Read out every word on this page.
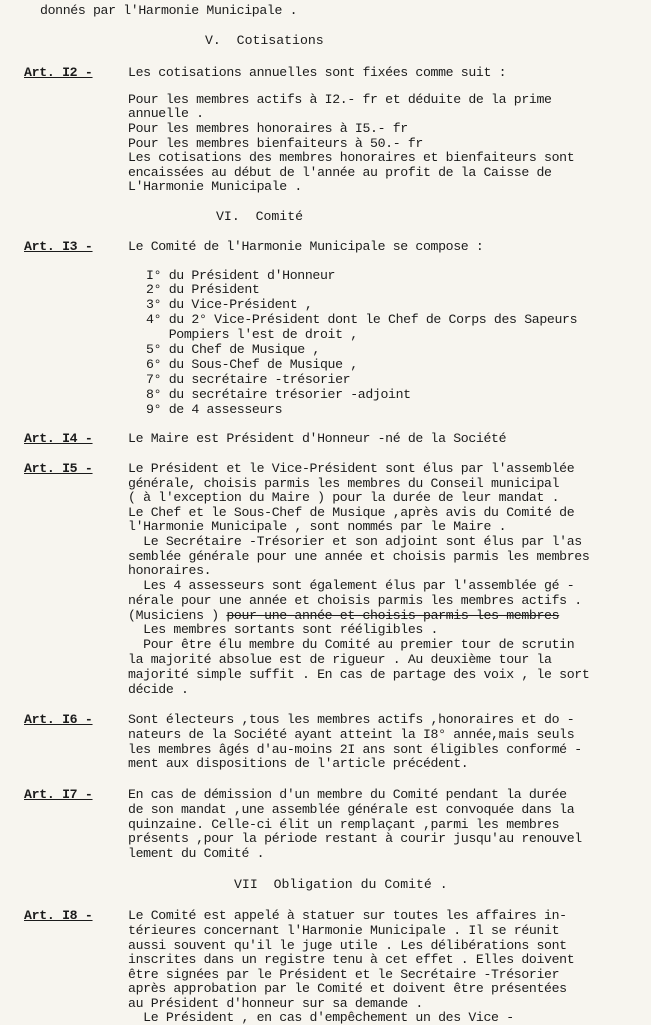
donnés par l'Harmonie Municipale .

V.  Cotisations

Art. I2 -	Les cotisations annuelles sont fixées comme suit :

Pour les membres actifs à I2.- fr et déduite de la prime

annuelle .

Pour les membres honoraires à I5.- fr

Pour les membres bienfaiteurs à 50.- fr

Les cotisations des membres honoraires et bienfaiteurs sont

encaissées au début de l'année au profit de la Caisse de

L'Harmonie Municipale .

VI.  Comité

Art. I3 -	Le Comité de l'Harmonie Municipale se compose :

I° du Président d'Honneur

2° du Président

3° du Vice-Président ,

4° du 2° Vice-Président dont le Chef de Corps des Sapeurs

Pompiers l'est de droit ,

5° du Chef de Musique ,

6° du Sous-Chef de Musique ,

7° du secrétaire -trésorier

8° du secrétaire trésorier -adjoint

9° de 4 assesseurs

Art. I4 -	Le Maire est Président d'Honneur -né de la Société

Art. I5 -	Le Président et le Vice-Président sont élus par l'assemblée

générale, choisis parmis les membres du Conseil municipal

( à l'exception du Maire ) pour la durée de leur mandat .

Le Chef et le Sous-Chef de Musique ,après avis du Comité de

l'Harmonie Municipale , sont nommés par le Maire .

Le Secrétaire -Trésorier et son adjoint sont élus par l'as

semblée générale pour une année et choisis parmis les membres

honoraires.

Les 4 assesseurs sont également élus par l'assemblée gé -

nérale pour une année et choisis parmis les membres actifs .

(Musiciens ) pour une année et choisis parmis les membres

Les membres sortants sont rééligibles .

Pour être élu membre du Comité au premier tour de scrutin

la majorité absolue est de rigueur . Au deuxième tour la

majorité simple suffit . En cas de partage des voix , le sort

décide .

Art. I6 -	Sont électeurs ,tous les membres actifs ,honoraires et do -

nateurs de la Société ayant atteint la I8° année,mais seuls

les membres âgés d'au-moins 2I ans sont éligibles conformé -

ment aux dispositions de l'article précédent.

Art. I7 -	En cas de démission d'un membre du Comité pendant la durée

de son mandat ,une assemblée générale est convoquée dans la

quinzaine. Celle-ci élit un remplaçant ,parmi les membres

présents ,pour la période restant à courir jusqu'au renouvel

lement du Comité .

VII  Obligation du Comité .

Art. I8 -	Le Comité est appelé à statuer sur toutes les affaires in-

térieures concernant l'Harmonie Municipale . Il se réunit

aussi souvent qu'il le juge utile . Les délibérations sont

inscrites dans un registre tenu à cet effet . Elles doivent

être signées par le Président et le Secrétaire -Trésorier

après approbation par le Comité et doivent être présentées

au Président d'honneur sur sa demande .

Le Président , en cas d'empêchement un des Vice -
